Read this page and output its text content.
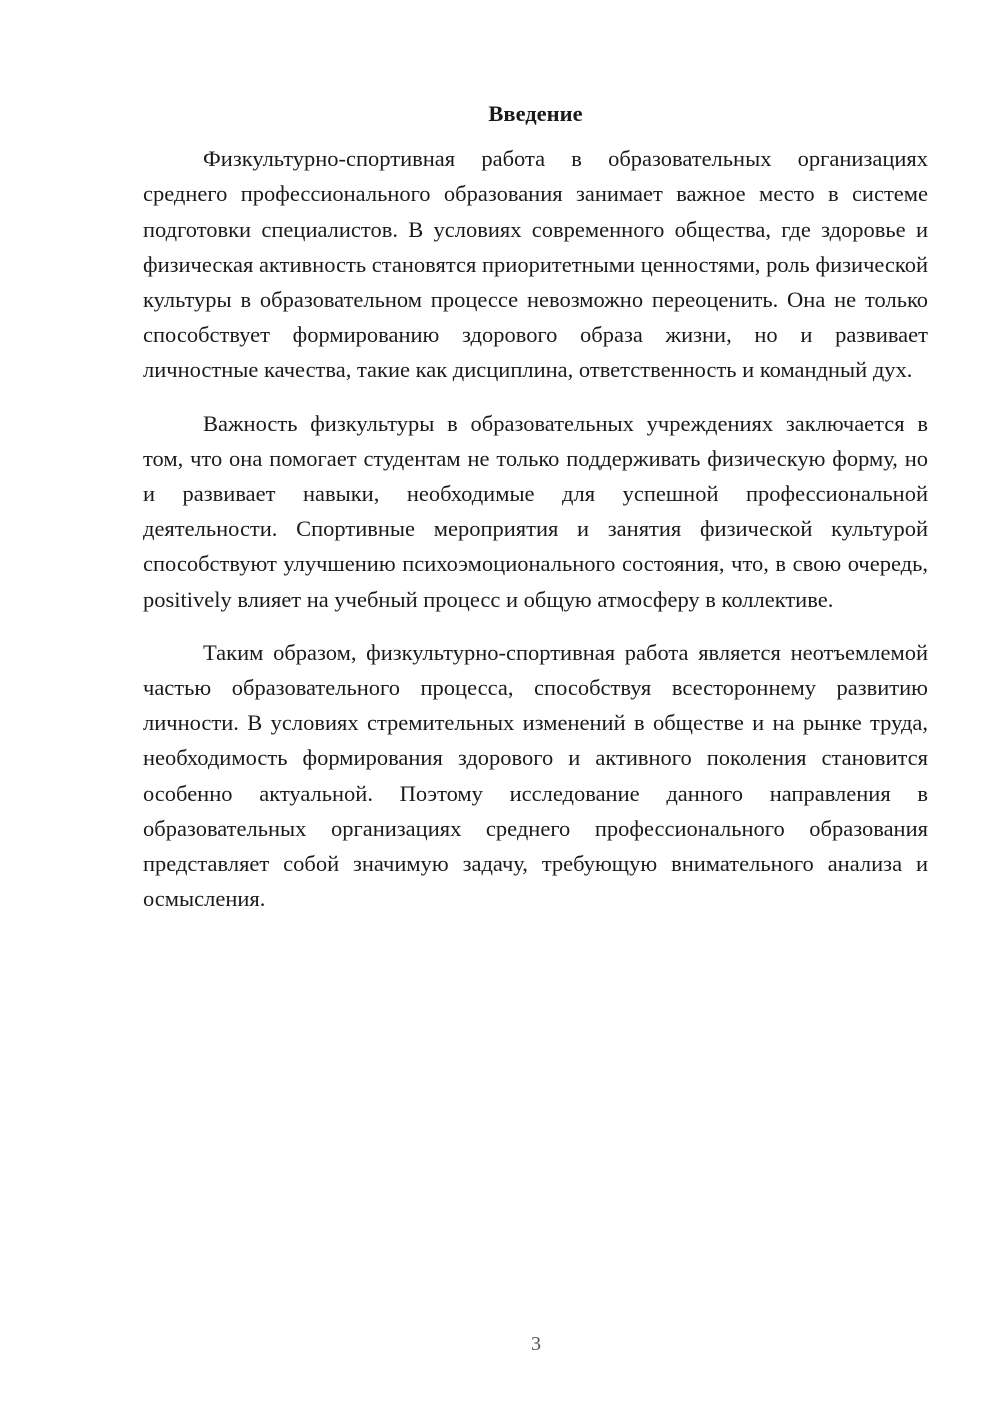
Введение

Физкультурно-спортивная работа в образовательных организациях среднего профессионального образования занимает важное место в системе подготовки специалистов. В условиях современного общества, где здоровье и физическая активность становятся приоритетными ценностями, роль физической культуры в образовательном процессе невозможно переоценить. Она не только способствует формированию здорового образа жизни, но и развивает личностные качества, такие как дисциплина, ответственность и командный дух.

Важность физкультуры в образовательных учреждениях заключается в том, что она помогает студентам не только поддерживать физическую форму, но и развивает навыки, необходимые для успешной профессиональной деятельности. Спортивные мероприятия и занятия физической культурой способствуют улучшению психоэмоционального состояния, что, в свою очередь, positively влияет на учебный процесс и общую атмосферу в коллективе.

Таким образом, физкультурно-спортивная работа является неотъемлемой частью образовательного процесса, способствуя всестороннему развитию личности. В условиях стремительных изменений в обществе и на рынке труда, необходимость формирования здорового и активного поколения становится особенно актуальной. Поэтому исследование данного направления в образовательных организациях среднего профессионального образования представляет собой значимую задачу, требующую внимательного анализа и осмысления.

3
